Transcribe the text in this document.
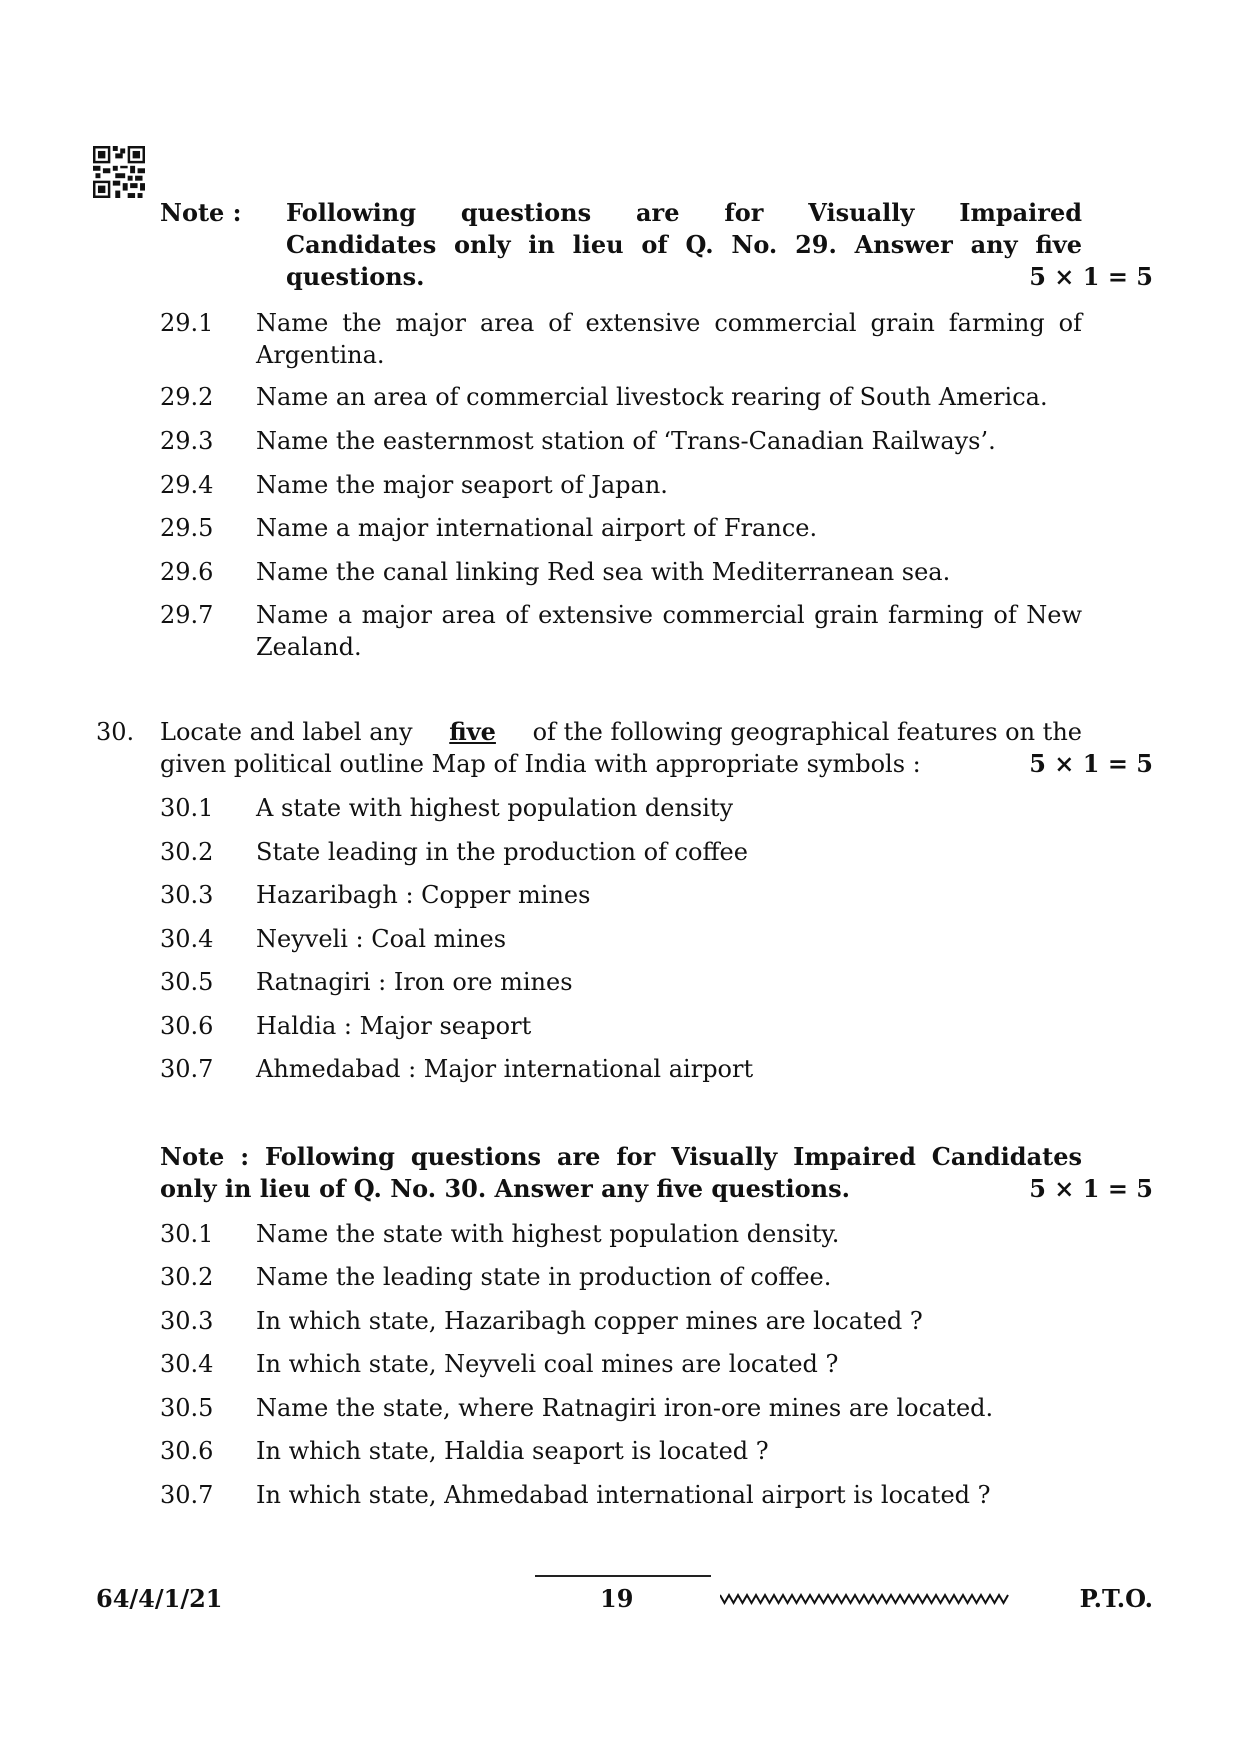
Note : Following questions are for Visually Impaired
Candidates only in lieu of Q. No. 29. Answer any five
questions.	5 × 1 = 5
29.1 Name the major area of extensive commercial grain farming of
Argentina.
29.2 Name an area of commercial livestock rearing of South America.
29.3 Name the easternmost station of ‘Trans-Canadian Railways’.
29.4 Name the major seaport of Japan.
29.5 Name a major international airport of France.
29.6 Name the canal linking Red sea with Mediterranean sea.
29.7 Name a major area of extensive commercial grain farming of New
Zealand.
30. Locate and label any five of the following geographical features on the
given political outline Map of India with appropriate symbols :	5 × 1 = 5
30.1 A state with highest population density
30.2 State leading in the production of coffee
30.3 Hazaribagh : Copper mines
30.4 Neyveli : Coal mines
30.5 Ratnagiri : Iron ore mines
30.6 Haldia : Major seaport
30.7 Ahmedabad : Major international airport
Note : Following questions are for Visually Impaired Candidates
only in lieu of Q. No. 30. Answer any five questions.	5 × 1 = 5
30.1 Name the state with highest population density.
30.2 Name the leading state in production of coffee.
30.3 In which state, Hazaribagh copper mines are located ?
30.4 In which state, Neyveli coal mines are located ?
30.5 Name the state, where Ratnagiri iron-ore mines are located.
30.6 In which state, Haldia seaport is located ?
30.7 In which state, Ahmedabad international airport is located ?
64/4/1/21	19	P.T.O.
